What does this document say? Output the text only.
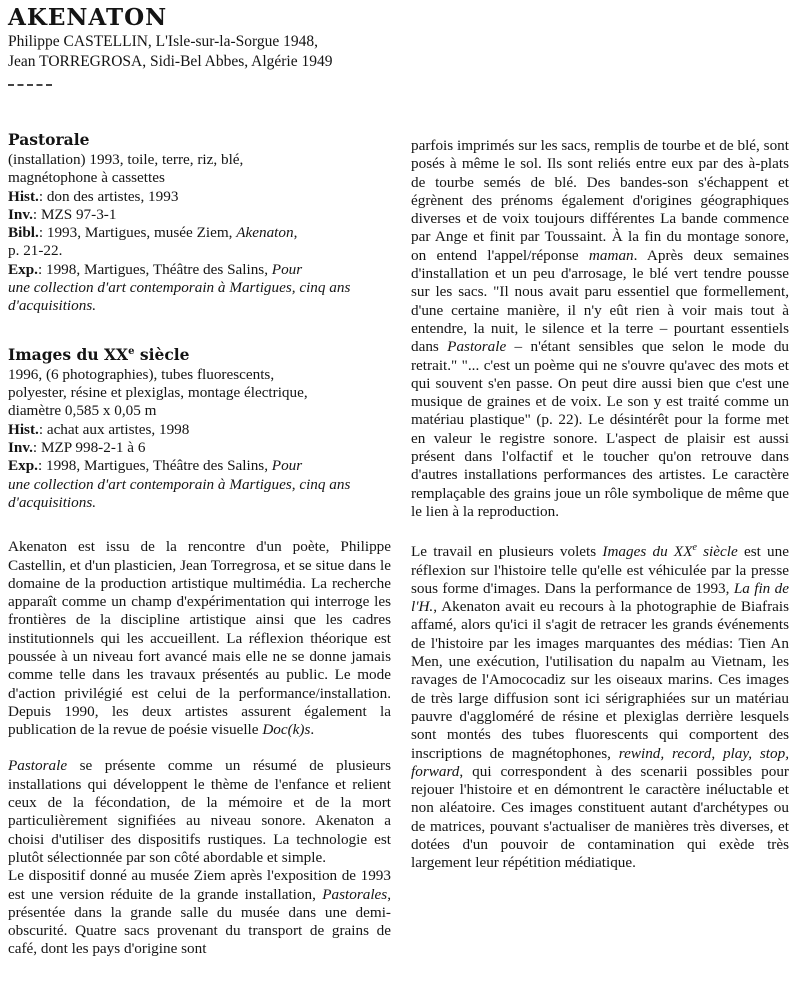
AKENATON

Philippe CASTELLIN, L'Isle-sur-la-Sorgue 1948,

Jean TORREGROSA, Sidi-Bel Abbes, Algérie 1949

Pastorale

(installation) 1993, toile, terre, riz, blé,

magnétophone à cassettes

Hist.: don des artistes, 1993

Inv.: MZS 97-3-1

Bibl.: 1993, Martigues, musée Ziem, Akenaton,

p. 21-22.

Exp.: 1998, Martigues, Théâtre des Salins, Pour

une collection d'art contemporain à Martigues, cinq ans

d'acquisitions.

Images du XXe siècle

1996, (6 photographies), tubes fluorescents,

polyester, résine et plexiglas, montage électrique,

diamètre 0,585 x 0,05 m

Hist.: achat aux artistes, 1998

Inv.: MZP 998-2-1 à 6

Exp.: 1998, Martigues, Théâtre des Salins, Pour

une collection d'art contemporain à Martigues, cinq ans

d'acquisitions.

Akenaton est issu de la rencontre d'un poète, Philippe Castellin, et d'un plasticien, Jean Torregrosa, et se situe dans le domaine de la production artistique multimédia. La recherche apparaît comme un champ d'expérimentation qui interroge les frontières de la discipline artistique ainsi que les cadres institutionnels qui les accueillent. La réflexion théorique est poussée à un niveau fort avancé mais elle ne se donne jamais comme telle dans les travaux présentés au public. Le mode d'action privilégié est celui de la performance/installation. Depuis 1990, les deux artistes assurent également la publication de la revue de poésie visuelle Doc(k)s.

Pastorale se présente comme un résumé de plusieurs installations qui développent le thème de l'enfance et relient ceux de la fécondation, de la mémoire et de la mort particulièrement signifiées au niveau sonore. Akenaton a choisi d'utiliser des dispositifs rustiques. La technologie est plutôt sélectionnée par son côté abordable et simple.

Le dispositif donné au musée Ziem après l'exposition de 1993 est une version réduite de la grande installation, Pastorales, présentée dans la grande salle du musée dans une demi-obscurité. Quatre sacs provenant du transport de grains de café, dont les pays d'origine sont

parfois imprimés sur les sacs, remplis de tourbe et de blé, sont posés à même le sol. Ils sont reliés entre eux par des à-plats de tourbe semés de blé. Des bandes-son s'échappent et égrènent des prénoms également d'origines géographiques diverses et de voix toujours différentes La bande commence par Ange et finit par Toussaint. À la fin du montage sonore, on entend l'appel/réponse maman. Après deux semaines d'installation et un peu d'arrosage, le blé vert tendre pousse sur les sacs. "Il nous avait paru essentiel que formellement, d'une certaine manière, il n'y eût rien à voir mais tout à entendre, la nuit, le silence et la terre – pourtant essentiels dans Pastorale – n'étant sensibles que selon le mode du retrait." "... c'est un poème qui ne s'ouvre qu'avec des mots et qui souvent s'en passe. On peut dire aussi bien que c'est une musique de graines et de voix. Le son y est traité comme un matériau plastique" (p. 22). Le désintérêt pour la forme met en valeur le registre sonore. L'aspect de plaisir est aussi présent dans l'olfactif et le toucher qu'on retrouve dans d'autres installations performances des artistes. Le caractère remplaçable des grains joue un rôle symbolique de même que le lien à la reproduction.

Le travail en plusieurs volets Images du XXe siècle est une réflexion sur l'histoire telle qu'elle est véhiculée par la presse sous forme d'images. Dans la performance de 1993, La fin de l'H., Akenaton avait eu recours à la photographie de Biafrais affamé, alors qu'ici il s'agit de retracer les grands événements de l'histoire par les images marquantes des médias: Tien An Men, une exécution, l'utilisation du napalm au Vietnam, les ravages de l'Amococadiz sur les oiseaux marins. Ces images de très large diffusion sont ici sérigraphiées sur un matériau pauvre d'aggloméré de résine et plexiglas derrière lesquels sont montés des tubes fluorescents qui comportent des inscriptions de magnétophones, rewind, record, play, stop, forward, qui correspondent à des scenarii possibles pour rejouer l'histoire et en démontrent le caractère inéluctable et non aléatoire. Ces images constituent autant d'archétypes ou de matrices, pouvant s'actualiser de manières très diverses, et dotées d'un pouvoir de contamination qui exède très largement leur répétition médiatique.
